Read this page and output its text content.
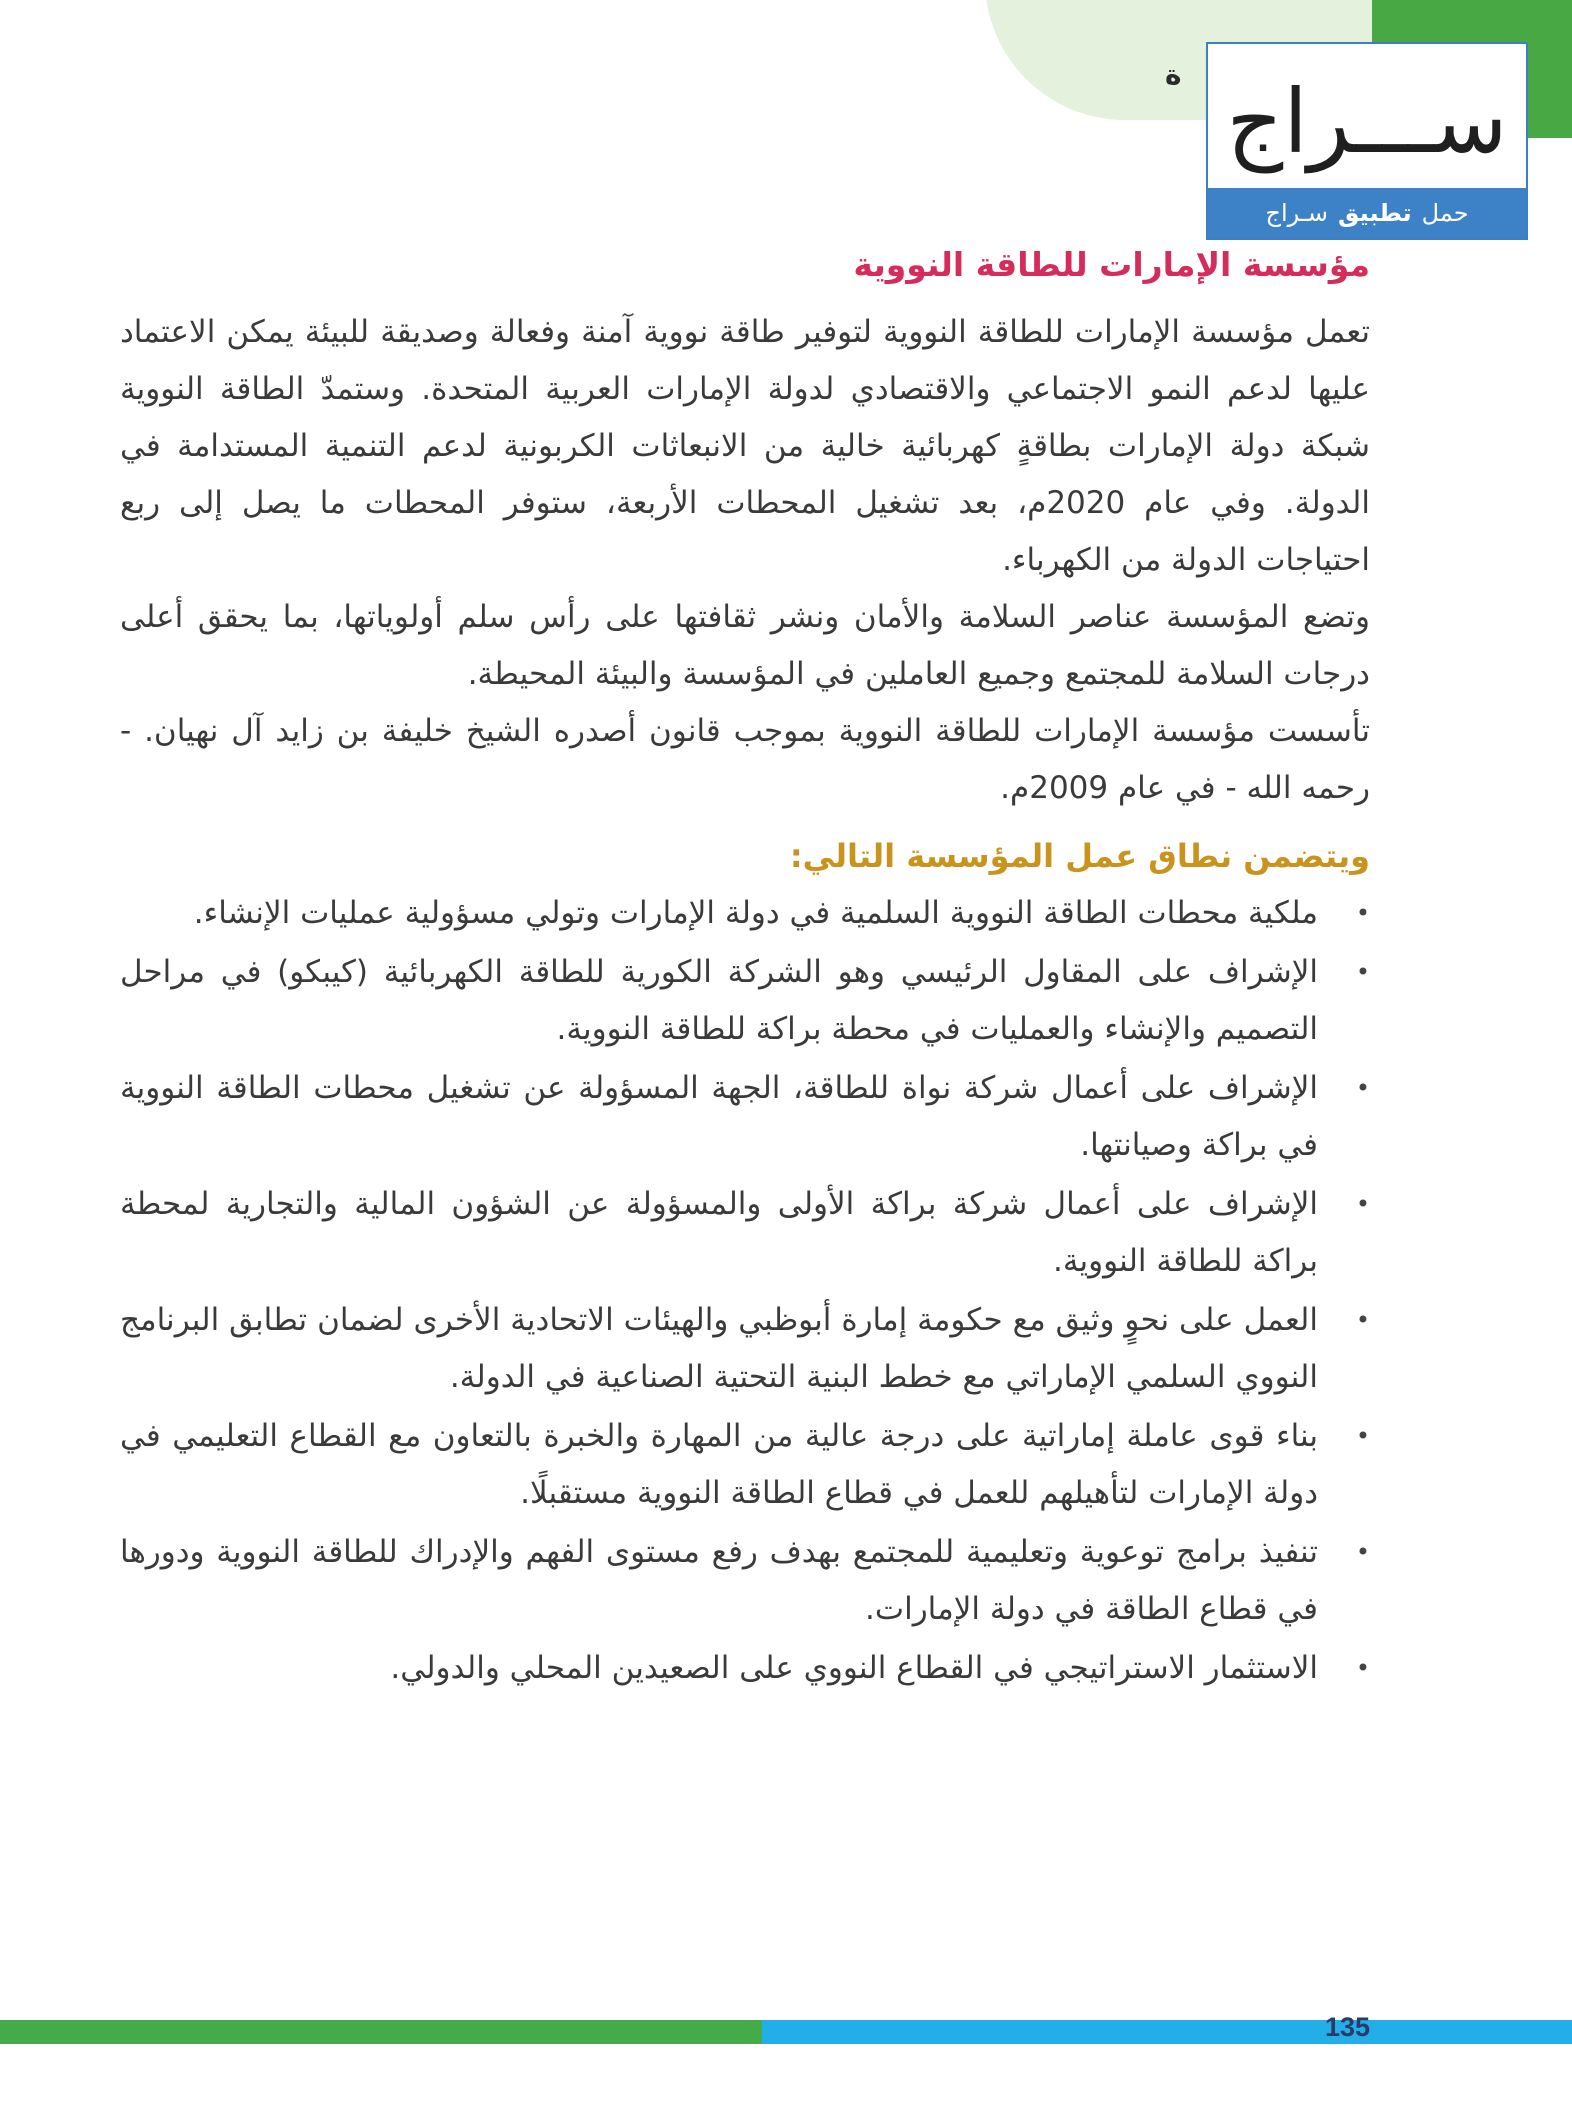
ة ســـراج
حمل
تطبيق
سـراج
مؤسسة الإمارات للطاقة النووية

تعمل مؤسسة الإمارات للطاقة النووية لتوفير طاقة نووية آمنة وفعالة وصديقة للبيئة يمكن الاعتماد عليها لدعم النمو الاجتماعي والاقتصادي لدولة الإمارات العربية المتحدة. وستمدّ الطاقة النووية شبكة دولة الإمارات بطاقةٍ كهربائية خالية من الانبعاثات الكربونية لدعم التنمية المستدامة في الدولة. وفي عام 2020م، بعد تشغيل المحطات الأربعة، ستوفر المحطات ما يصل إلى ربع احتياجات الدولة من الكهرباء.

وتضع المؤسسة عناصر السلامة والأمان ونشر ثقافتها على رأس سلم أولوياتها، بما يحقق أعلى درجات السلامة للمجتمع وجميع العاملين في المؤسسة والبيئة المحيطة.

تأسست مؤسسة الإمارات للطاقة النووية بموجب قانون أصدره الشيخ خليفة بن زايد آل نهيان. - رحمه الله - في عام 2009م.

ويتضمن نطاق عمل المؤسسة التالي:
•
ملكية محطات الطاقة النووية السلمية في دولة الإمارات وتولي مسؤولية عمليات الإنشاء.
•
الإشراف على المقاول الرئيسي وهو الشركة الكورية للطاقة الكهربائية (كيبكو) في مراحل التصميم والإنشاء والعمليات في محطة براكة للطاقة النووية.
•
الإشراف على أعمال شركة نواة للطاقة، الجهة المسؤولة عن تشغيل محطات الطاقة النووية في براكة وصيانتها.
•
الإشراف على أعمال شركة براكة الأولى والمسؤولة عن الشؤون المالية والتجارية لمحطة براكة للطاقة النووية.
•
العمل على نحوٍ وثيق مع حكومة إمارة أبوظبي والهيئات الاتحادية الأخرى لضمان تطابق البرنامج النووي السلمي الإماراتي مع خطط البنية التحتية الصناعية في الدولة.
•
بناء قوى عاملة إماراتية على درجة عالية من المهارة والخبرة بالتعاون مع القطاع التعليمي في دولة الإمارات لتأهيلهم للعمل في قطاع الطاقة النووية مستقبلًا.
•
تنفيذ برامج توعوية وتعليمية للمجتمع بهدف رفع مستوى الفهم والإدراك للطاقة النووية ودورها في قطاع الطاقة في دولة الإمارات.
•
الاستثمار الاستراتيجي في القطاع النووي على الصعيدين المحلي والدولي.
135
